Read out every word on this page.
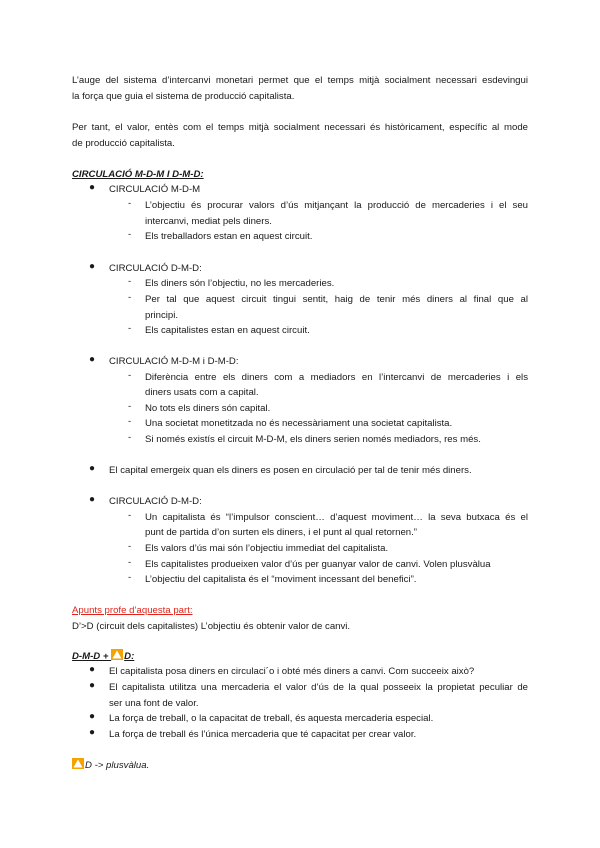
L’auge del sistema d’intercanvi monetari permet que el temps mitjà socialment necessari esdevingui
la força que guia el sistema de producció capitalista.
Per tant, el valor, entès com el temps mitjà socialment necessari és històricament, específic al mode
de producció capitalista.
CIRCULACIÓ M-D-M I D-M-D:
● CIRCULACIÓ M-D-M
- L’objectiu és procurar valors d’ús mitjançant la producció de mercaderies i el seu
intercanvi, mediat pels diners.
- Els treballadors estan en aquest circuit.
● CIRCULACIÓ D-M-D:
- Els diners són l’objectiu, no les mercaderies.
- Per tal que aquest circuit tingui sentit, haig de tenir més diners al final que al
principi.
- Els capitalistes estan en aquest circuit.
● CIRCULACIÓ M-D-M i D-M-D:
- Diferència entre els diners com a mediadors en l’intercanvi de mercaderies i els
diners usats com a capital.
- No tots els diners són capital.
- Una societat monetitzada no és necessàriament una societat capitalista.
- Si només existís el circuit M-D-M, els diners serien només mediadors, res més.
● El capital emergeix quan els diners es posen en circulació per tal de tenir més diners.
● CIRCULACIÓ D-M-D:
- Un capitalista és “l’impulsor conscient… d’aquest moviment… la seva butxaca és el
punt de partida d’on surten els diners, i el punt al qual retornen.”
- Els valors d’ús mai són l’objectiu immediat del capitalista.
- Els capitalistes produeixen valor d’ús per guanyar valor de canvi. Volen plusvàlua
- L’objectiu del capitalista és el “moviment incessant del benefici”.
Apunts profe d’aquesta part:
D’>D (circuit dels capitalistes) L’objectiu és obtenir valor de canvi.
D-M-D +
D:
● El capitalista posa diners en circulaci´o i obté més diners a canvi. Com succeeix això?
● El capitalista utilitza una mercaderia el valor d’ús de la qual posseeix la propietat peculiar de
ser una font de valor.
● La força de treball, o la capacitat de treball, és aquesta mercaderia especial.
● La força de treball és l’única mercaderia que té capacitat per crear valor.
D -> plusvàlua.
